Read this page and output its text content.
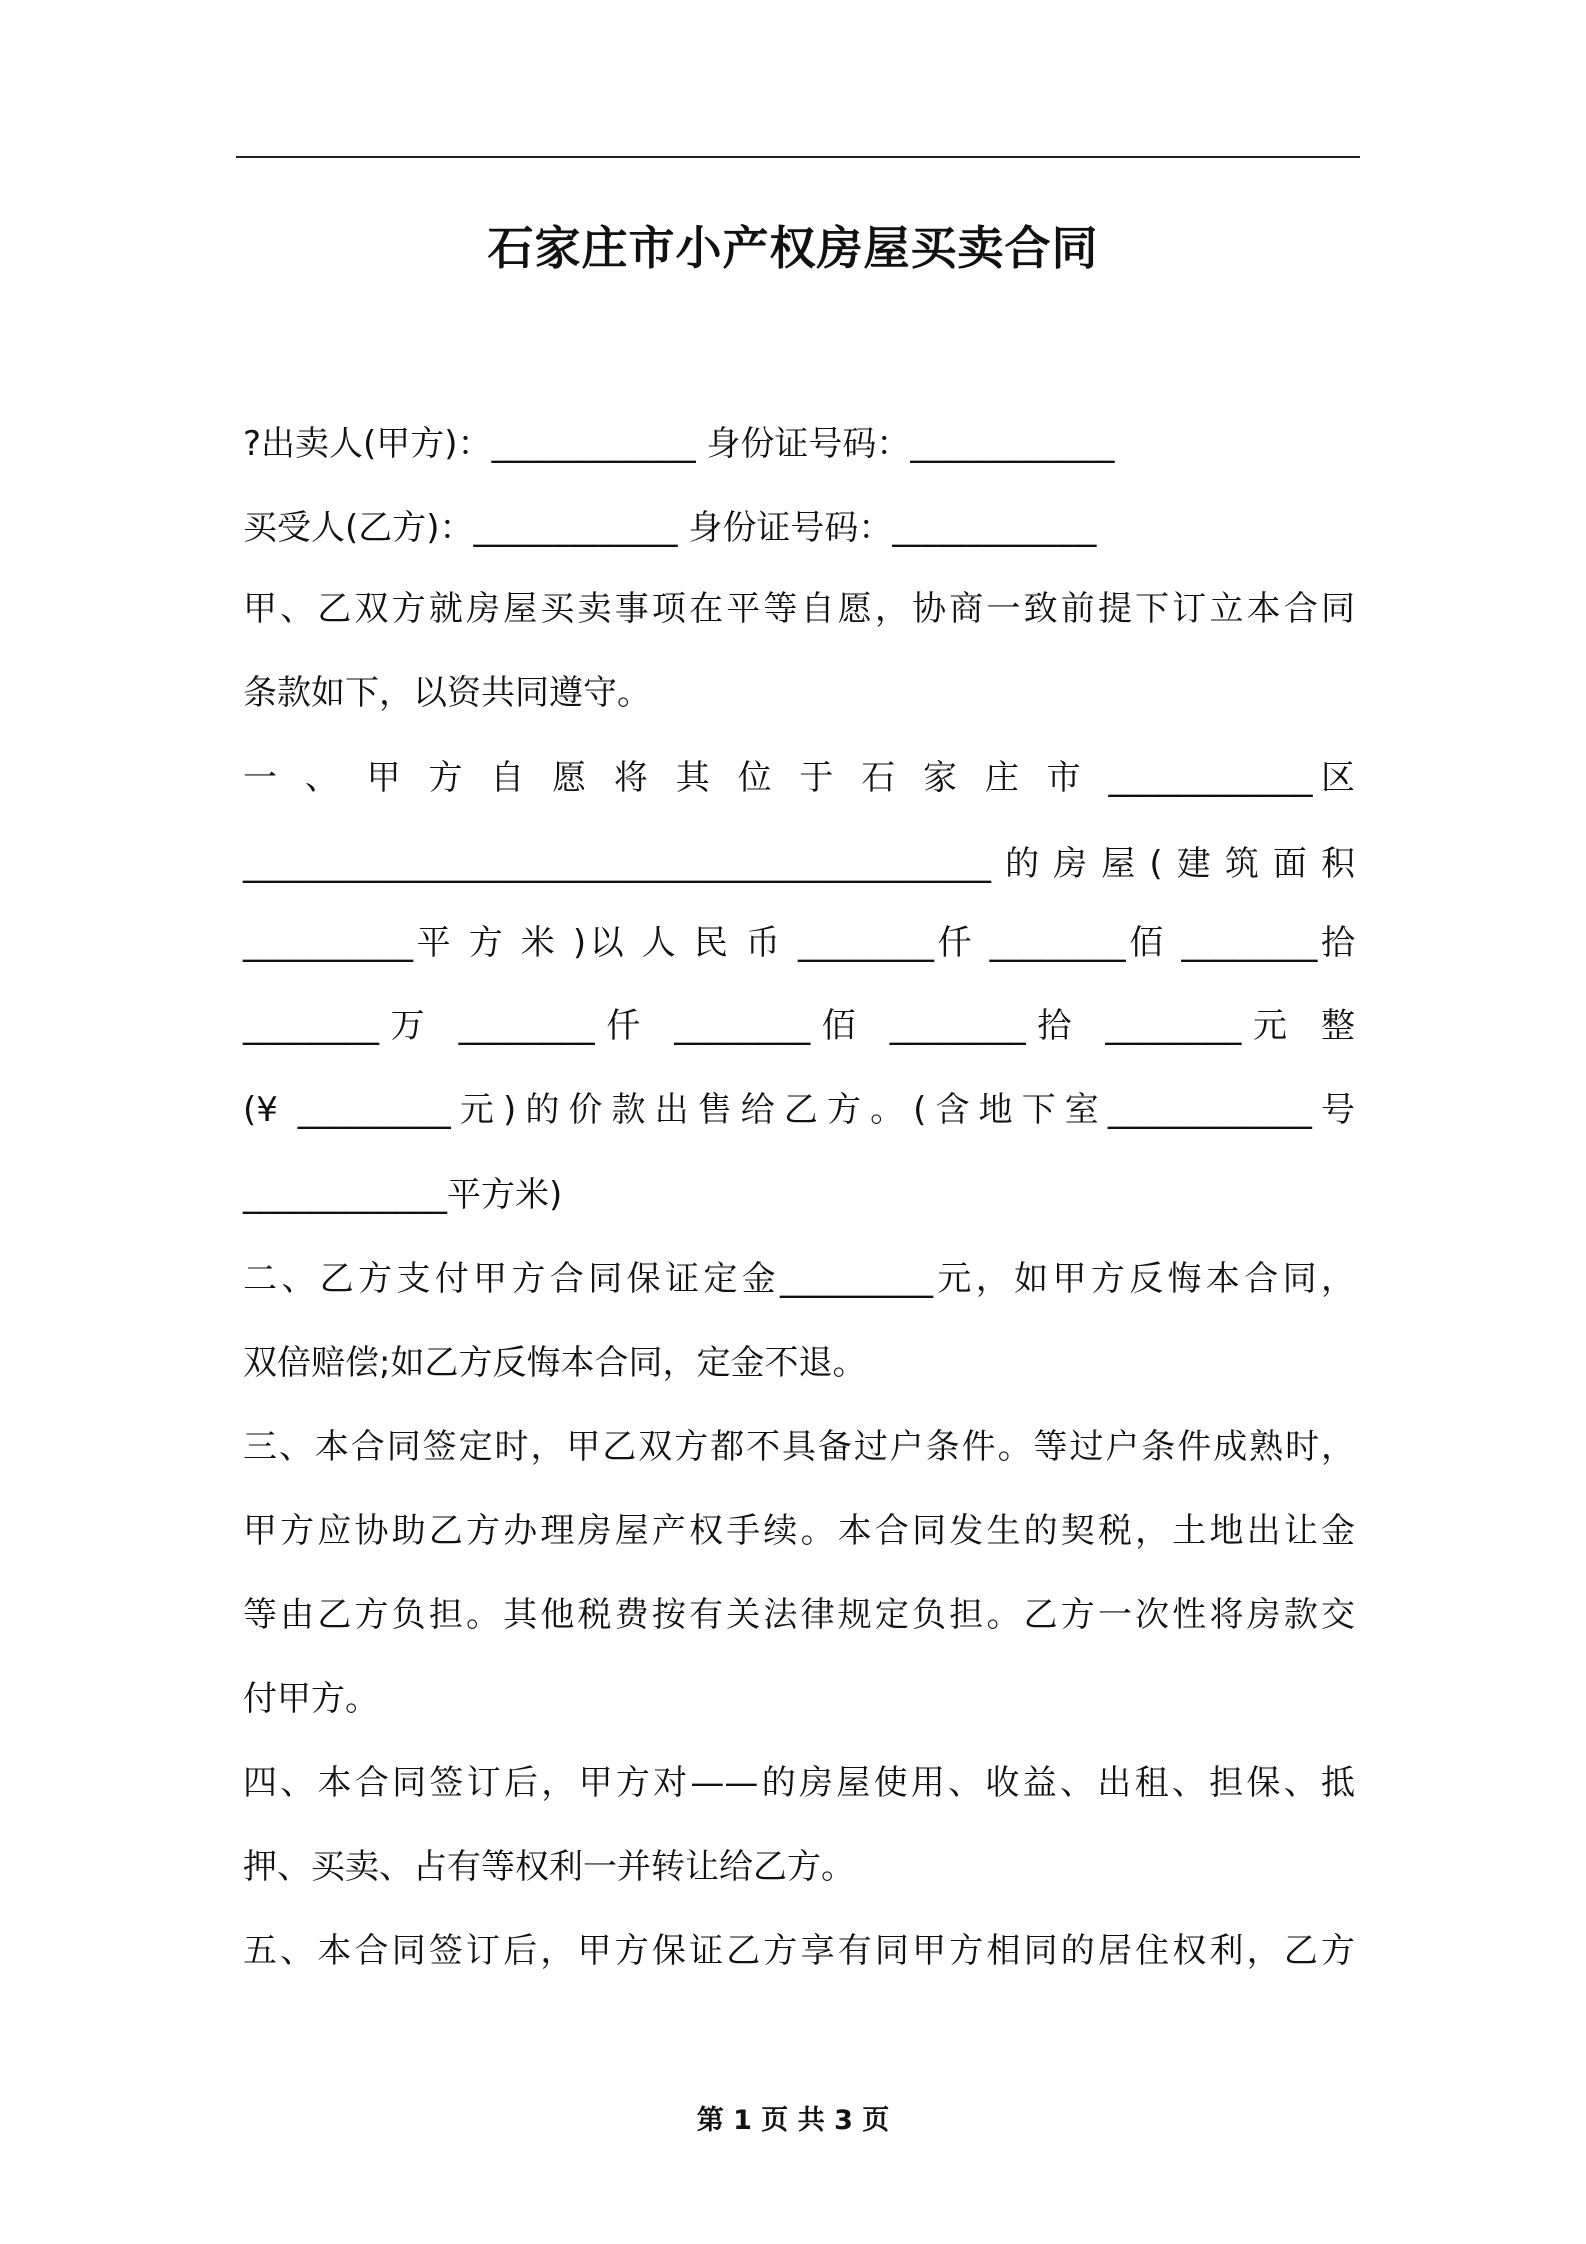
石家庄市小产权房屋买卖合同

?出卖人(甲方)：____________ 身份证号码：____________

买受人(乙方)：____________ 身份证号码：____________

甲、乙双方就房屋买卖事项在平等自愿，协商一致前提下订立本合同

条款如下，以资共同遵守。

一 、 甲 方 自 愿 将 其 位 于 石 家 庄 市 ____________区

____________________________________________的房屋(建筑面积

__________平 方 米 )以 人 民 币 ________仟 ________佰 ________拾

________万 ________仟 ________佰 ________拾 ________元 整

(¥ _________元)的价款出售给乙方。(含地下室____________号

____________平方米)

二、乙方支付甲方合同保证定金_________元，如甲方反悔本合同，

双倍赔偿;如乙方反悔本合同，定金不退。

三、本合同签定时，甲乙双方都不具备过户条件。等过户条件成熟时，

甲方应协助乙方办理房屋产权手续。本合同发生的契税，土地出让金

等由乙方负担。其他税费按有关法律规定负担。乙方一次性将房款交

付甲方。

四、本合同签订后，甲方对——的房屋使用、收益、出租、担保、抵

押、买卖、占有等权利一并转让给乙方。

五、本合同签订后，甲方保证乙方享有同甲方相同的居住权利，乙方

第 1 页 共 3 页
